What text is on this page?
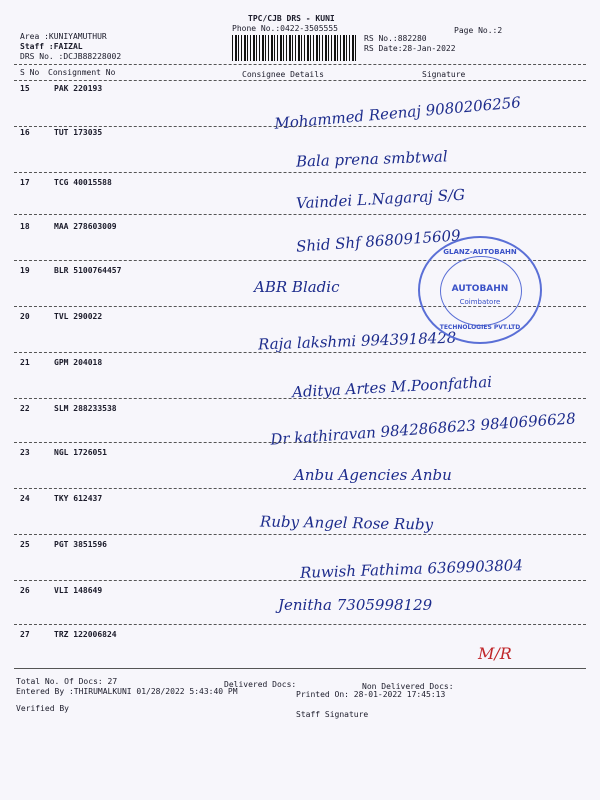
TPC/CJB DRS - KUNI
Phone No.:0422-3505555	Page No.:2
Area :KUNIYAMUTHUR
Staff :FAIZAL
DRS No. :DCJB88228002
RS No.:882280
RS Date:28-Jan-2022
S No Consignment No	Consignee Details	Signature
15	PAK 220193
Mohammed Reenaj 9080206256
16	TUT 173035
Bala prena smbtwal
17	TCG 40015588
Vaindei L.Nagaraj S/G
18	MAA 278603009	Shid Shf 8680915609
19	BLR 5100764457
ABR Bladic
20	TVL 290022
Raja lakshmi 9943918428
21	GPM 204018
Aditya Artes M.Poonfathai
22	SLM 288233538
Dr kathiravan 9842868623 9840696628
23	NGL 1726051
Anbu Agencies Anbu
24	TKY 612437
Ruby Angel Rose Ruby
25	PGT 3851596
Ruwish Fathima 6369903804
26	VLI 148649
Jenitha 7305998129
27	TRZ 122006824
M/R
GLANZ-AUTOBAHN
AUTOBAHN
Coimbatore
TECHNOLOGIES PVT.LTD
Total No. Of Docs: 27	Delivered Docs:	Non Delivered Docs:
Entered By :THIRUMALKUNI 01/28/2022 5:43:40 PM	Printed On: 28-01-2022 17:45:13
Verified By
Staff Signature
